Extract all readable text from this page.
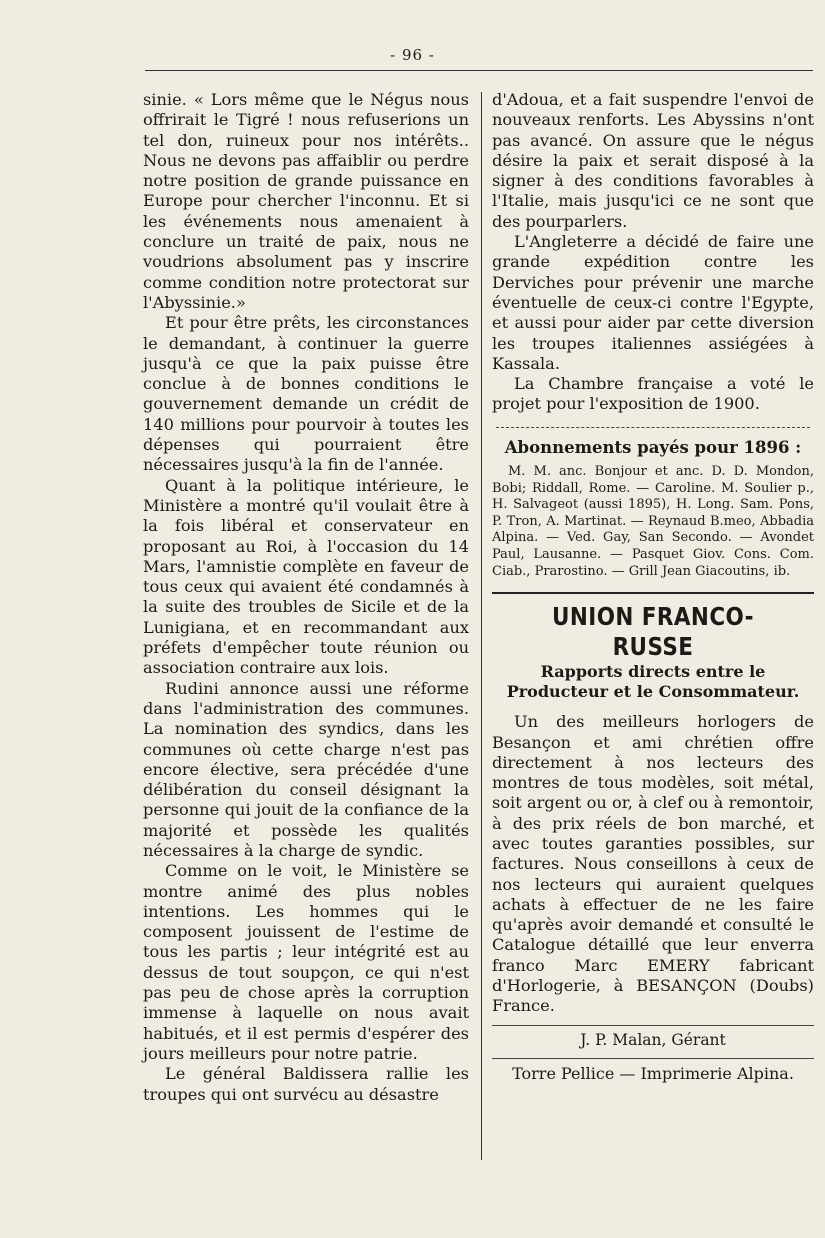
- 96 -

sinie. « Lors même que le Négus nous offrirait le Tigré ! nous refuserions un tel don, ruineux pour nos intérêts.. Nous ne devons pas affaiblir ou perdre notre position de grande puissance en Europe pour chercher l'inconnu. Et si les événements nous amenaient à conclure un traité de paix, nous ne voudrions absolument pas y inscrire comme condition notre protectorat sur l'Abyssinie.»

Et pour être prêts, les circonstances le demandant, à continuer la guerre jusqu'à ce que la paix puisse être conclue à de bonnes conditions le gouvernement demande un crédit de 140 millions pour pourvoir à toutes les dépenses qui pourraient être nécessaires jusqu'à la fin de l'année.

Quant à la politique intérieure, le Ministère a montré qu'il voulait être à la fois libéral et conservateur en proposant au Roi, à l'occasion du 14 Mars, l'amnistie complète en faveur de tous ceux qui avaient été condamnés à la suite des troubles de Sicile et de la Lunigiana, et en recommandant aux préfets d'empêcher toute réunion ou association contraire aux lois.

Rudini annonce aussi une réforme dans l'administration des communes. La nomination des syndics, dans les communes où cette charge n'est pas encore élective, sera précédée d'une délibération du conseil désignant la personne qui jouit de la confiance de la majorité et possède les qualités nécessaires à la charge de syndic.

Comme on le voit, le Ministère se montre animé des plus nobles intentions. Les hommes qui le composent jouissent de l'estime de tous les partis ; leur intégrité est au dessus de tout soupçon, ce qui n'est pas peu de chose après la corruption immense à laquelle on nous avait habitués, et il est permis d'espérer des jours meilleurs pour notre patrie.

Le général Baldissera rallie les troupes qui ont survécu au désastre

d'Adoua, et a fait suspendre l'envoi de nouveaux renforts. Les Abyssins n'ont pas avancé. On assure que le négus désire la paix et serait disposé à la signer à des conditions favorables à l'Italie, mais jusqu'ici ce ne sont que des pourparlers.

L'Angleterre a décidé de faire une grande expédition contre les Derviches pour prévenir une marche éventuelle de ceux-ci contre l'Egypte, et aussi pour aider par cette diversion les troupes italiennes assiégées à Kassala.

La Chambre française a voté le projet pour l'exposition de 1900.

Abonnements payés pour 1896 :

M. M. anc. Bonjour et anc. D. D. Mondon, Bobi; Riddall, Rome. — Caroline. M. Soulier p., H. Salvageot (aussi 1895), H. Long. Sam. Pons, P. Tron, A. Martinat. — Reynaud B.meo, Abbadia Alpina. — Ved. Gay, San Secondo. — Avondet Paul, Lausanne. — Pasquet Giov. Cons. Com. Ciab., Prarostino. — Grill Jean Giacoutins, ib.

UNION FRANCO-RUSSE

Rapports directs entre le Producteur et le Consommateur.

Un des meilleurs horlogers de Besançon et ami chrétien offre directement à nos lecteurs des montres de tous modèles, soit métal, soit argent ou or, à clef ou à remontoir, à des prix réels de bon marché, et avec toutes garanties possibles, sur factures. Nous conseillons à ceux de nos lecteurs qui auraient quelques achats à effectuer de ne les faire qu'après avoir demandé et consulté le Catalogue détaillé que leur enverra franco Marc EMERY fabricant d'Horlogerie, à BESANÇON (Doubs) France.

J. P. Malan, Gérant

Torre Pellice — Imprimerie Alpina.
